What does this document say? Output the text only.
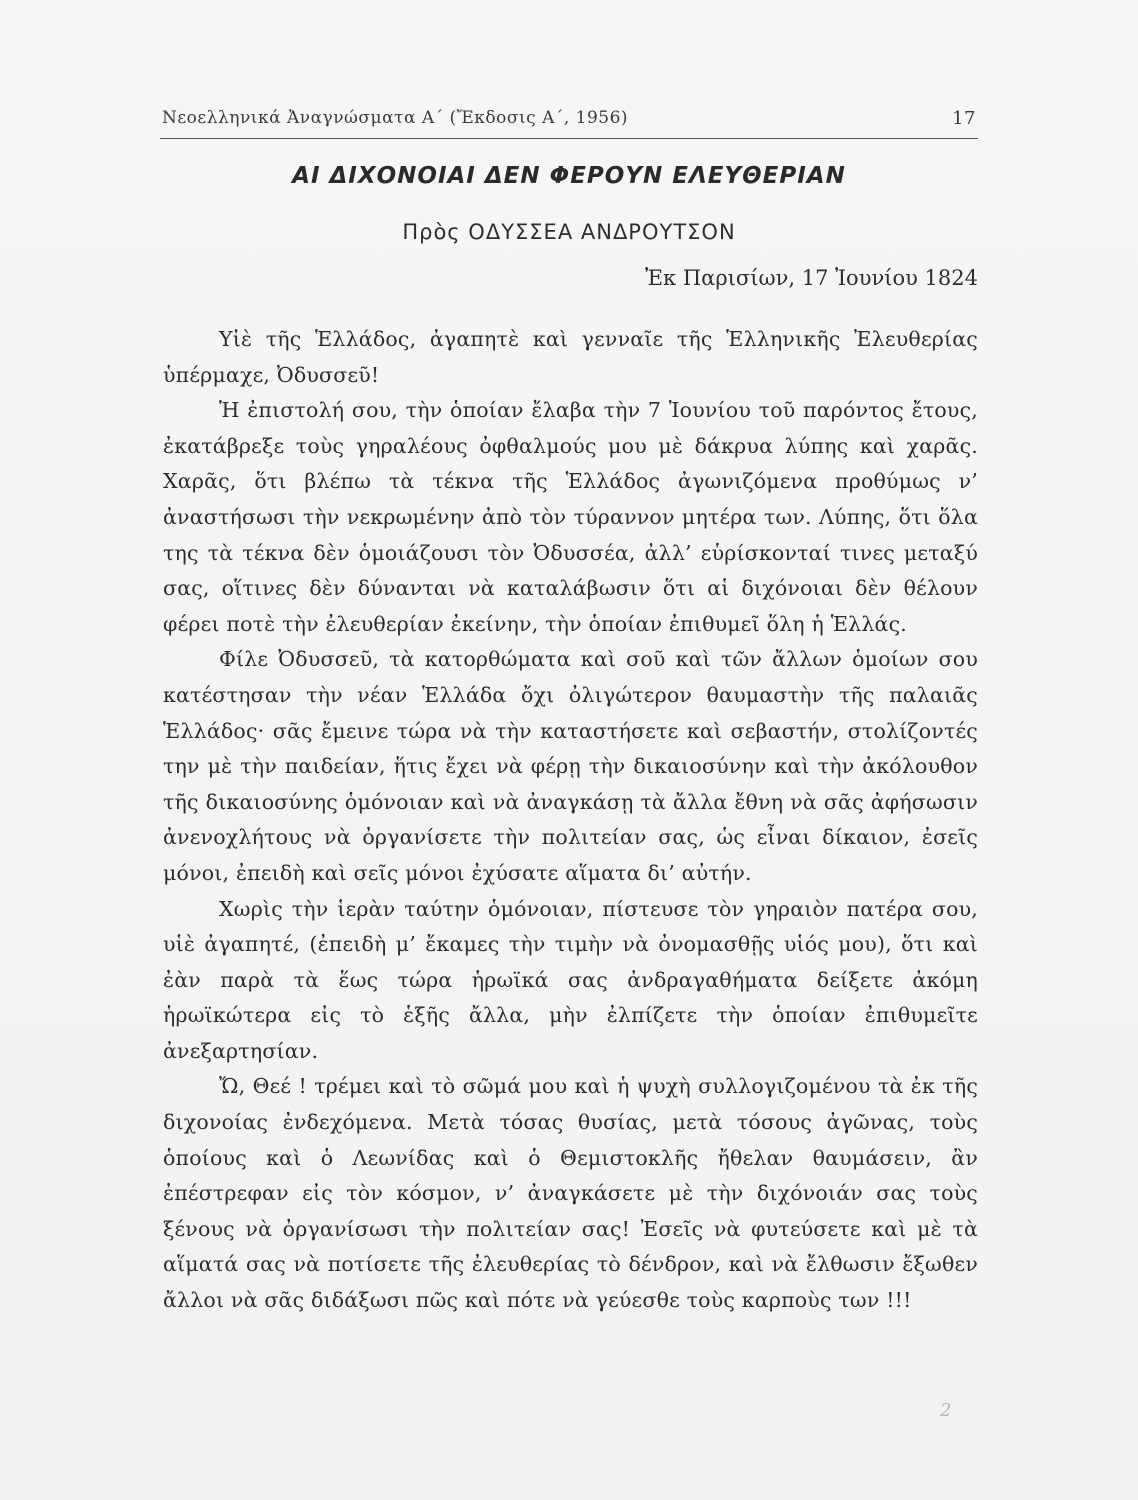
Νεοελληνικά Ἀναγνώσματα Α΄ (Ἔκδοσις Α΄, 1956)	17
ΑΙ ΔΙΧΟΝΟΙΑΙ ΔΕΝ ΦΕΡΟΥΝ ΕΛΕΥΘΕΡΙΑΝ
Πρὸς ΟΔΥΣΣΕΑ ΑΝΔΡΟΥΤΣΟΝ
Ἐκ Παρισίων, 17 Ἰουνίου 1824

Υἱὲ τῆς Ἑλλάδος, ἀγαπητὲ καὶ γενναῖε τῆς Ἑλληνικῆς Ἐλευθερίας ὑπέρμαχε, Ὀδυσσεῦ!

Ἡ ἐπιστολή σου, τὴν ὁποίαν ἔλαβα τὴν 7 Ἰουνίου τοῦ παρόντος ἔτους, ἐκατάβρεξε τοὺς γηραλέους ὀφθαλμούς μου μὲ δάκρυα λύπης καὶ χαρᾶς. Χαρᾶς, ὅτι βλέπω τὰ τέκνα τῆς Ἑλλάδος ἀγωνιζόμενα προθύμως ν’ ἀναστήσωσι τὴν νεκρωμένην ἀπὸ τὸν τύραννον μητέρα των. Λύπης, ὅτι ὅλα της τὰ τέκνα δὲν ὁμοιάζουσι τὸν Ὀδυσσέα, ἀλλ’ εὑρίσκονταί τινες μεταξύ σας, οἵτινες δὲν δύνανται νὰ καταλάβωσιν ὅτι αἱ διχόνοιαι δὲν θέλουν φέρει ποτὲ τὴν ἐλευθερίαν ἐκείνην, τὴν ὁποίαν ἐπιθυμεῖ ὅλη ἡ Ἑλλάς.

Φίλε Ὀδυσσεῦ, τὰ κατορθώματα καὶ σοῦ καὶ τῶν ἄλλων ὁμοίων σου κατέστησαν τὴν νέαν Ἑλλάδα ὄχι ὀλιγώτερον θαυμαστὴν τῆς παλαιᾶς Ἑλλάδος· σᾶς ἔμεινε τώρα νὰ τὴν καταστήσετε καὶ σεβαστήν, στολίζοντές την μὲ τὴν παιδείαν, ἥτις ἔχει νὰ φέρῃ τὴν δικαιοσύνην καὶ τὴν ἀκόλουθον τῆς δικαιοσύνης ὁμόνοιαν καὶ νὰ ἀναγκάσῃ τὰ ἄλλα ἔθνη νὰ σᾶς ἀφήσωσιν ἀνενοχλήτους νὰ ὀργανίσετε τὴν πολιτείαν σας, ὡς εἶναι δίκαιον, ἐσεῖς μόνοι, ἐπειδὴ καὶ σεῖς μόνοι ἐχύσατε αἵματα δι’ αὐτήν.

Χωρὶς τὴν ἱερὰν ταύτην ὁμόνοιαν, πίστευσε τὸν γηραιὸν πατέρα σου, υἱὲ ἀγαπητέ, (ἐπειδὴ μ’ ἔκαμες τὴν τιμὴν νὰ ὀνομασθῇς υἱός μου), ὅτι καὶ ἐὰν παρὰ τὰ ἕως τώρα ἡρωϊκά σας ἀνδραγαθήματα δείξετε ἀκόμη ἡρωϊκώτερα εἰς τὸ ἑξῆς ἄλλα, μὴν ἐλπίζετε τὴν ὁποίαν ἐπιθυμεῖτε ἀνεξαρτησίαν.

Ὤ, Θεέ ! τρέμει καὶ τὸ σῶμά μου καὶ ἡ ψυχὴ συλλογιζομένου τὰ ἐκ τῆς διχονοίας ἐνδεχόμενα. Μετὰ τόσας θυσίας, μετὰ τόσους ἀγῶνας, τοὺς ὁποίους καὶ ὁ Λεωνίδας καὶ ὁ Θεμιστοκλῆς ἤθελαν θαυμάσειν, ἂν ἐπέστρεφαν εἰς τὸν κόσμον, ν’ ἀναγκάσετε μὲ τὴν διχόνοιάν σας τοὺς ξένους νὰ ὀργανίσωσι τὴν πολιτείαν σας! Ἐσεῖς νὰ φυτεύσετε καὶ μὲ τὰ αἵματά σας νὰ ποτίσετε τῆς ἐλευθερίας τὸ δένδρον, καὶ νὰ ἔλθωσιν ἔξωθεν ἄλλοι νὰ σᾶς διδάξωσι πῶς καὶ πότε νὰ γεύεσθε τοὺς καρποὺς των !!!

2
